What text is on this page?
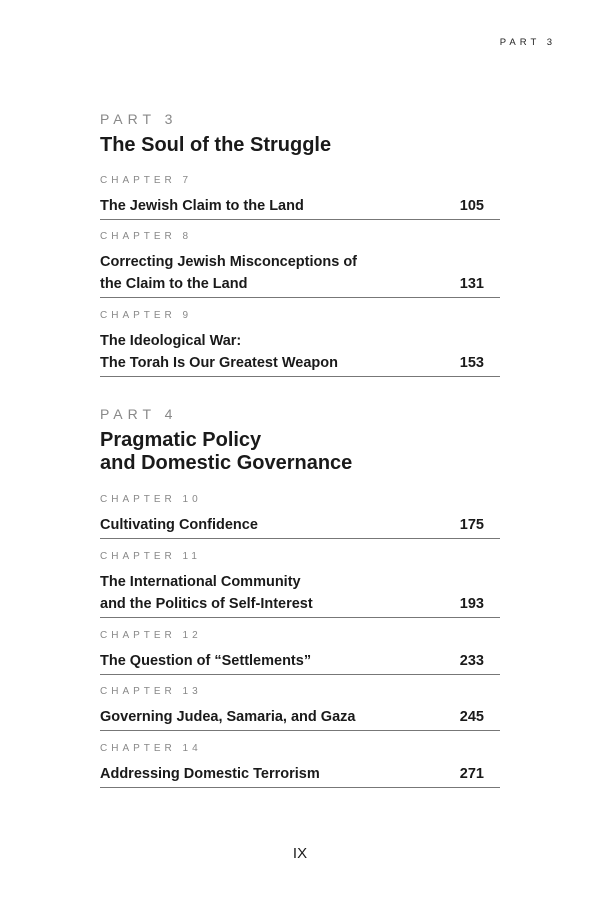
PART 3
PART 3
The Soul of the Struggle
CHAPTER 7
The Jewish Claim to the Land	105
CHAPTER 8
Correcting Jewish Misconceptions of
the Claim to the Land	131
CHAPTER 9
The Ideological War:
The Torah Is Our Greatest Weapon	153
PART 4
Pragmatic Policy
and Domestic Governance
CHAPTER 10
Cultivating Confidence	175
CHAPTER 11
The International Community
and the Politics of Self-Interest	193
CHAPTER 12
The Question of “Settlements”	233
CHAPTER 13
Governing Judea, Samaria, and Gaza	245
CHAPTER 14
Addressing Domestic Terrorism	271
IX
